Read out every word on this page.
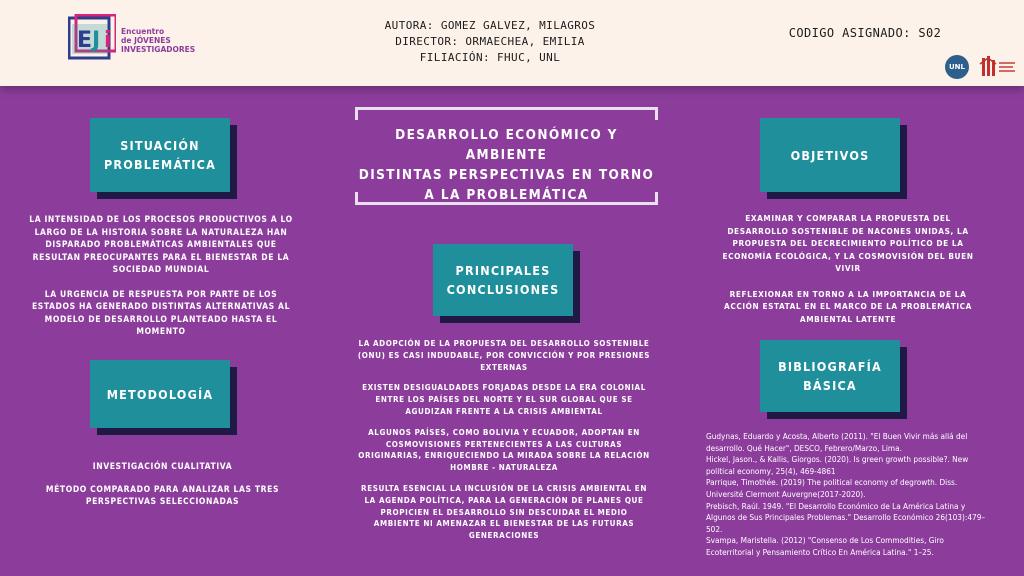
E J i Encuentro
de JÓVENES
INVESTIGADORES
AUTORA: GOMEZ GALVEZ, MILAGROS
DIRECTOR: ORMAECHEA, EMILIA
FILIACIÓN: FHUC, UNL
CODIGO ASIGNADO: S02
UNL
DESARROLLO ECONÓMICO Y AMBIENTE
DISTINTAS PERSPECTIVAS EN TORNO
A LA PROBLEMÁTICA
SITUACIÓN
PROBLEMÁTICA

LA INTENSIDAD DE LOS PROCESOS PRODUCTIVOS A LO LARGO DE LA HISTORIA SOBRE LA NATURALEZA HAN DISPARADO PROBLEMÁTICAS AMBIENTALES QUE RESULTAN PREOCUPANTES PARA EL BIENESTAR DE LA SOCIEDAD MUNDIAL

LA URGENCIA DE RESPUESTA POR PARTE DE LOS ESTADOS HA GENERADO DISTINTAS ALTERNATIVAS AL MODELO DE DESARROLLO PLANTEADO HASTA EL MOMENTO

METODOLOGÍA

INVESTIGACIÓN CUALITATIVA

MÉTODO COMPARADO PARA ANALIZAR LAS TRES PERSPECTIVAS SELECCIONADAS

PRINCIPALES
CONCLUSIONES

LA ADOPCIÓN DE LA PROPUESTA DEL DESARROLLO SOSTENIBLE (ONU) ES CASI INDUDABLE, POR CONVICCIÓN Y POR PRESIONES EXTERNAS

EXISTEN DESIGUALDADES FORJADAS DESDE LA ERA COLONIAL ENTRE LOS PAÍSES DEL NORTE Y EL SUR GLOBAL QUE SE AGUDIZAN FRENTE A LA CRISIS AMBIENTAL

ALGUNOS PAÍSES, COMO BOLIVIA Y ECUADOR, ADOPTAN EN COSMOVISIONES PERTENECIENTES A LAS CULTURAS ORIGINARIAS, ENRIQUECIENDO LA MIRADA SOBRE LA RELACIÓN HOMBRE - NATURALEZA

RESULTA ESENCIAL LA INCLUSIÓN DE LA CRISIS AMBIENTAL EN LA AGENDA POLÍTICA, PARA LA GENERACIÓN DE PLANES QUE PROPICIEN EL DESARROLLO SIN DESCUIDAR EL MEDIO AMBIENTE NI AMENAZAR EL BIENESTAR DE LAS FUTURAS GENERACIONES

OBJETIVOS

EXAMINAR Y COMPARAR LA PROPUESTA DEL DESARROLLO SOSTENIBLE DE NACONES UNIDAS, LA PROPUESTA DEL DECRECIMIENTO POLÍTICO DE LA ECONOMÍA ECOLÓGICA, Y LA COSMOVISIÓN DEL BUEN VIVIR

REFLEXIONAR EN TORNO A LA IMPORTANCIA DE LA ACCIÓN ESTATAL EN EL MARCO DE LA PROBLEMÁTICA AMBIENTAL LATENTE

BIBLIOGRAFÍA
BÁSICA
Gudynas, Eduardo y Acosta, Alberto (2011). "El Buen Vivir más allá del
desarrollo. Qué Hacer", DESCO, Febrero/Marzo, Lima.
Hickel, Jason., & Kallis, Giorgos. (2020). Is green growth possible?. New
political economy, 25(4), 469-4861
Parrique, Timothée. (2019) The political economy of degrowth. Diss.
Université Clermont Auvergne(2017-2020).
Prebisch, Raúl. 1949. "El Desarrollo Económico de La América Latina y
Algunos de Sus Principales Problemas." Desarrollo Económico 26(103):479–
502.
Svampa, Maristella. (2012) "Consenso de Los Commodities, Giro
Ecoterritorial y Pensamiento Crítico En América Latina." 1–25.
